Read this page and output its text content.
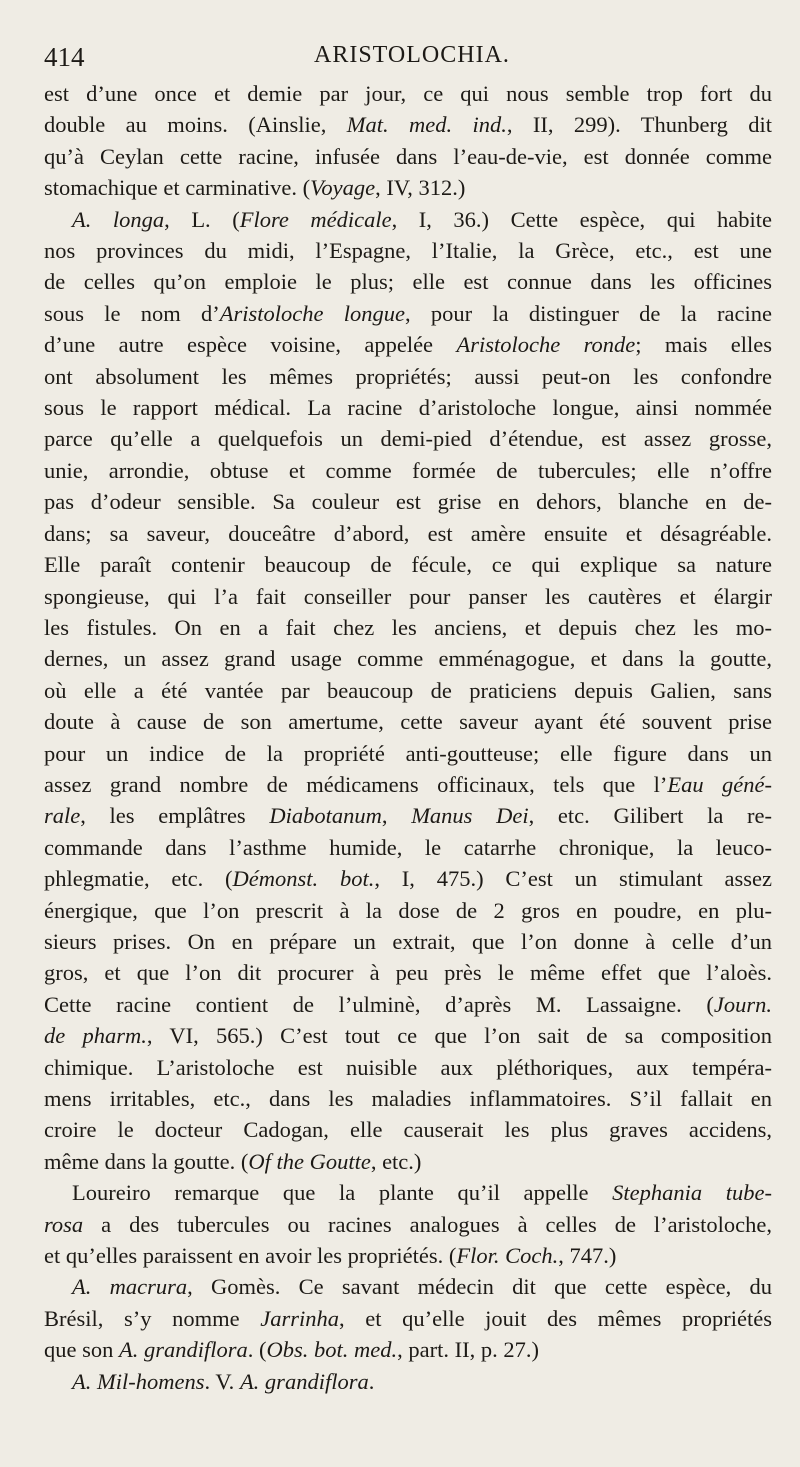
414	ARISTOLOCHIA.

est d’une once et demie par jour, ce qui nous semble trop fort du

double au moins. (Ainslie, Mat. med. ind., II, 299). Thunberg dit

qu’à Ceylan cette racine, infusée dans l’eau-de-vie, est donnée comme

stomachique et carminative. (Voyage, IV, 312.)

A. longa, L. (Flore médicale, I, 36.) Cette espèce, qui habite

nos provinces du midi, l’Espagne, l’Italie, la Grèce, etc., est une

de celles qu’on emploie le plus; elle est connue dans les officines

sous le nom d’Aristoloche longue, pour la distinguer de la racine

d’une autre espèce voisine, appelée Aristoloche ronde; mais elles

ont absolument les mêmes propriétés; aussi peut-on les confondre

sous le rapport médical. La racine d’aristoloche longue, ainsi nommée

parce qu’elle a quelquefois un demi-pied d’étendue, est assez grosse,

unie, arrondie, obtuse et comme formée de tubercules; elle n’offre

pas d’odeur sensible. Sa couleur est grise en dehors, blanche en de-

dans; sa saveur, douceâtre d’abord, est amère ensuite et désagréable.

Elle paraît contenir beaucoup de fécule, ce qui explique sa nature

spongieuse, qui l’a fait conseiller pour panser les cautères et élargir

les fistules. On en a fait chez les anciens, et depuis chez les mo-

dernes, un assez grand usage comme emménagogue, et dans la goutte,

où elle a été vantée par beaucoup de praticiens depuis Galien, sans

doute à cause de son amertume, cette saveur ayant été souvent prise

pour un indice de la propriété anti-goutteuse; elle figure dans un

assez grand nombre de médicamens officinaux, tels que l’Eau géné-

rale, les emplâtres Diabotanum, Manus Dei, etc. Gilibert la re-

commande dans l’asthme humide, le catarrhe chronique, la leuco-

phlegmatie, etc. (Démonst. bot., I, 475.) C’est un stimulant assez

énergique, que l’on prescrit à la dose de 2 gros en poudre, en plu-

sieurs prises. On en prépare un extrait, que l’on donne à celle d’un

gros, et que l’on dit procurer à peu près le même effet que l’aloès.

Cette racine contient de l’ulminè, d’après M. Lassaigne. (Journ.

de pharm., VI, 565.) C’est tout ce que l’on sait de sa composition

chimique. L’aristoloche est nuisible aux pléthoriques, aux tempéra-

mens irritables, etc., dans les maladies inflammatoires. S’il fallait en

croire le docteur Cadogan, elle causerait les plus graves accidens,

même dans la goutte. (Of the Goutte, etc.)

Loureiro remarque que la plante qu’il appelle Stephania tube-

rosa a des tubercules ou racines analogues à celles de l’aristoloche,

et qu’elles paraissent en avoir les propriétés. (Flor. Coch., 747.)

A. macrura, Gomès. Ce savant médecin dit que cette espèce, du

Brésil, s’y nomme Jarrinha, et qu’elle jouit des mêmes propriétés

que son A. grandiflora. (Obs. bot. med., part. II, p. 27.)

A. Mil-homens. V. A. grandiflora.
